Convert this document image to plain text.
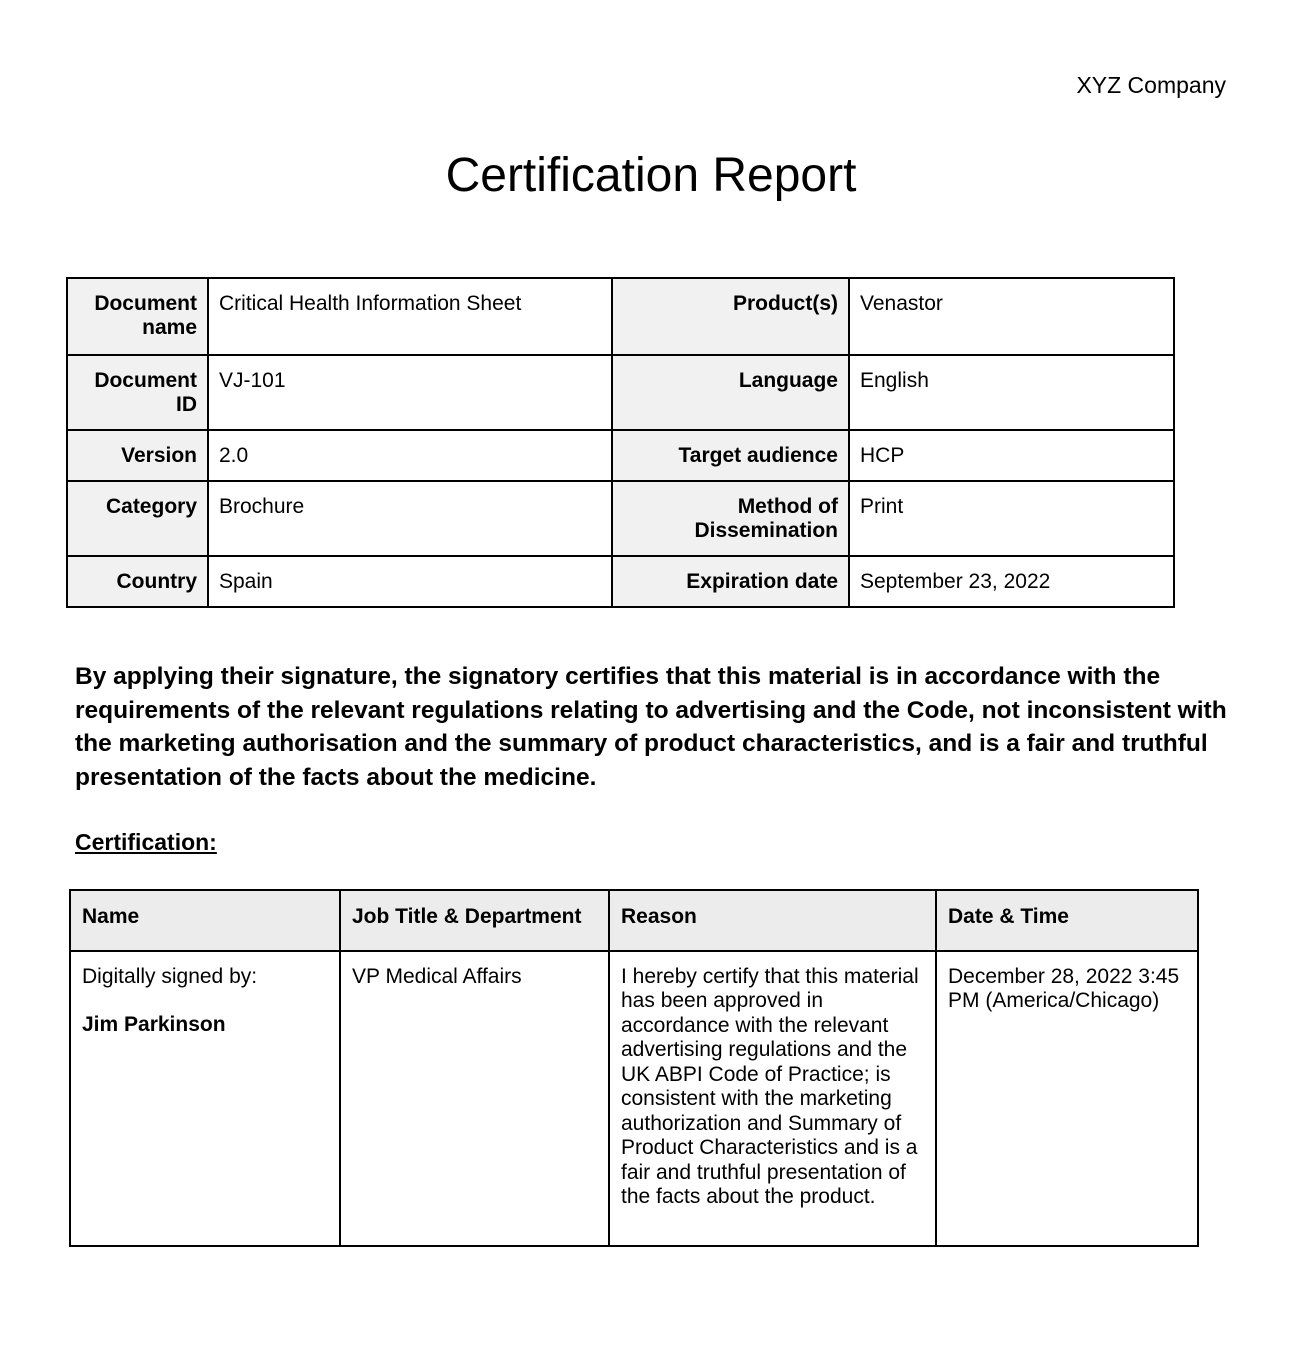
XYZ Company
Certification Report
Document name	Critical Health Information Sheet	Product(s)	Venastor
Document ID	VJ-101	Language	English
Version	2.0	Target audience	HCP
Category	Brochure	Method of Dissemination	Print
Country	Spain	Expiration date	September 23, 2022

By applying their signature, the signatory certifies that this material is in accordance with the requirements of the relevant regulations relating to advertising and the Code, not inconsistent with the marketing authorisation and the summary of product characteristics, and is a fair and truthful presentation of the facts about the medicine.

Certification:
Name	Job Title & Department	Reason	Date & Time

Digitally signed by:
Jim Parkinson	VP Medical Affairs	I hereby certify that this material has been approved in accordance with the relevant advertising regulations and the UK ABPI Code of Practice; is consistent with the marketing authorization and Summary of Product Characteristics and is a fair and truthful presentation of the facts about the product.	December 28, 2022 3:45 PM (America/Chicago)
